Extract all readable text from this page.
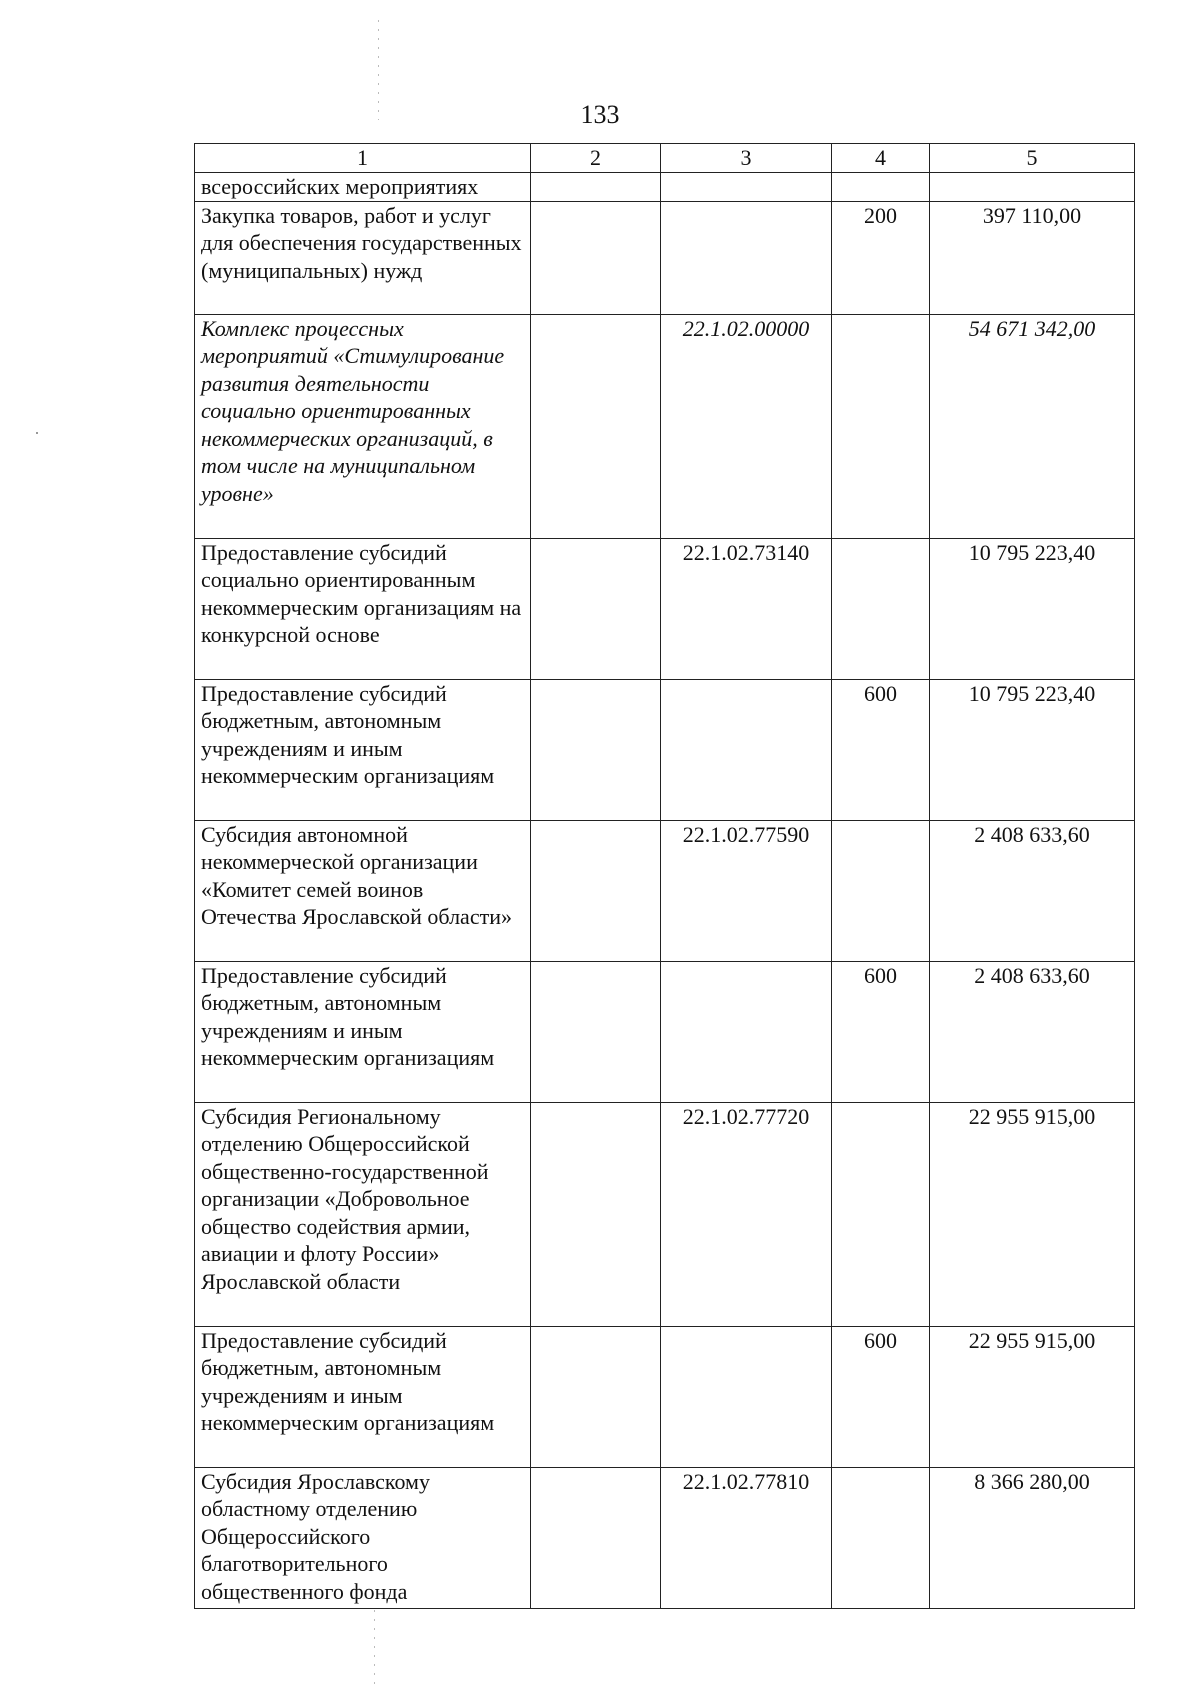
133
1	2	3	4	5
всероссийских мероприятиях				
Закупка товаров, работ и услуг для обеспечения государственных (муниципальных) нужд			200	397 110,00
Комплекс процессных мероприятий «Стимулирование развития деятельности социально ориентированных некоммерческих организаций, в том числе на муниципальном уровне»		22.1.02.00000		54 671 342,00
Предоставление субсидий социально ориентированным некоммерческим организациям на конкурсной основе		22.1.02.73140		10 795 223,40
Предоставление субсидий бюджетным, автономным учреждениям и иным некоммерческим организациям			600	10 795 223,40
Субсидия автономной некоммерческой организации «Комитет семей воинов Отечества Ярославской области»		22.1.02.77590		2 408 633,60
Предоставление субсидий бюджетным, автономным учреждениям и иным некоммерческим организациям			600	2 408 633,60
Субсидия Региональному отделению Общероссийской общественно-государственной организации «Добровольное общество содействия армии, авиации и флоту России» Ярославской области		22.1.02.77720		22 955 915,00
Предоставление субсидий бюджетным, автономным учреждениям и иным некоммерческим организациям			600	22 955 915,00
Субсидия Ярославскому областному отделению Общероссийского благотворительного общественного фонда		22.1.02.77810		8 366 280,00
